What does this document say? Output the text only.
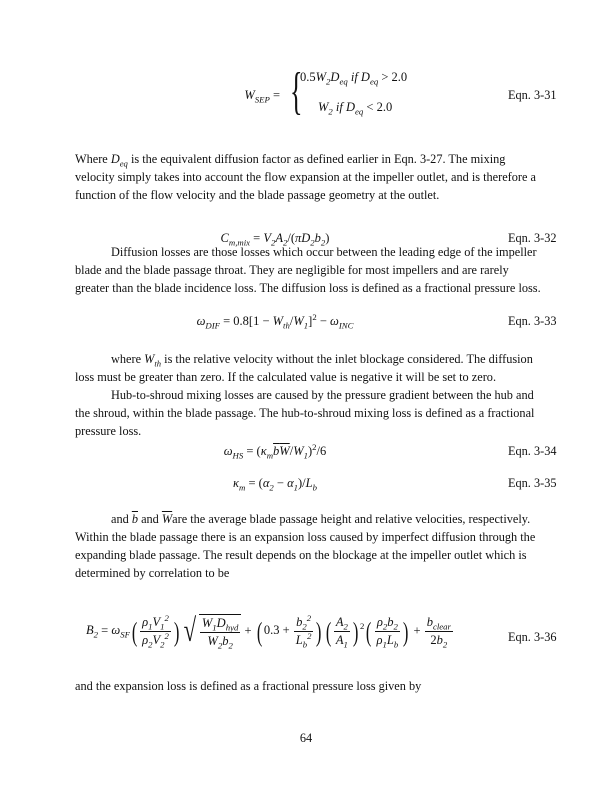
$W_{SEP}$ = {
$0.5W_2D_{eq}$ if $D_{eq} > 2.0$
$W_2$ if $D_{eq} < 2.0$
Eqn. 3-31
Where $D_{eq}$ is the equivalent diffusion factor as defined earlier in Eqn. 3-27. The mixing velocity simply takes into account the flow expansion at the impeller outlet, and is therefore a function of the flow velocity and the blade passage geometry at the outlet.
$C_{m,mix} = V_2A_2/(\pi D_2b_2)$	Eqn. 3-32
Diffusion losses are those losses which occur between the leading edge of the impeller blade and the blade passage throat. They are negligible for most impellers and are rarely greater than the blade incidence loss. The diffusion loss is defined as a fractional pressure loss.
$\omega_{DIF} = 0.8[1 - W_{th}/W_1]^2 - \omega_{INC}$	Eqn. 3-33
where $W_{th}$ is the relative velocity without the inlet blockage considered. The diffusion loss must be greater than zero. If the calculated value is negative it will be set to zero.
Hub-to-shroud mixing losses are caused by the pressure gradient between the hub and the shroud, within the blade passage. The hub-to-shroud mixing loss is defined as a fractional pressure loss.
$\omega_{HS} = (\kappa_m\overline{b}\overline{W}/W_1)^2/6$	Eqn. 3-34
$\kappa_m = (\alpha_2 - \alpha_1)/L_b$	Eqn. 3-35
and $\overline{b}$ and $\overline{W}are$ the average blade passage height and relative velocities, respectively. Within the blade passage there is an expansion loss caused by imperfect diffusion through the expanding blade passage. The result depends on the blockage at the impeller outlet which is determined by correlation to be
$B_2 = \omega_{SF}( \frac{\rho_1V_1^2}{\rho_2V_2^2}$ ) √ $\frac{W_1D_{hyd}}{W_2b_2}$ + ( $0.3 + \frac{b_2^2}{L_b^2}$ ) ( $\frac{A_2}{A_1}$ ) $^2( \frac{\rho_2b_2}{\rho_1L_b}$ ) + $\frac{b_{clear}}{2b_2}$	Eqn. 3-36
and the expansion loss is defined as a fractional pressure loss given by
64
